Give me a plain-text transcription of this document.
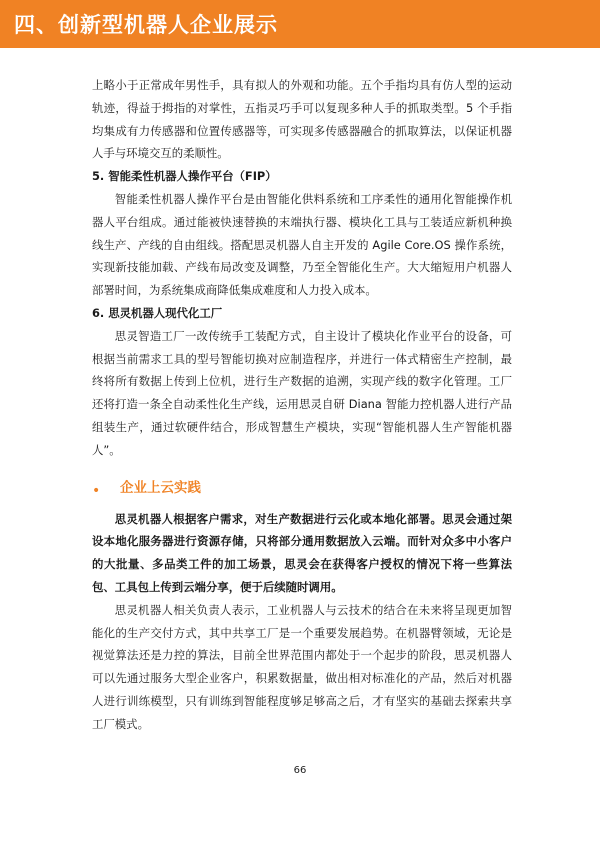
四、创新型机器人企业展示

上略小于正常成年男性手，具有拟人的外观和功能。五个手指均具有仿人型的运动轨迹，得益于拇指的对掌性，五指灵巧手可以复现多种人手的抓取类型。5 个手指均集成有力传感器和位置传感器等，可实现多传感器融合的抓取算法，以保证机器人手与环境交互的柔顺性。

5. 智能柔性机器人操作平台（FIP）

智能柔性机器人操作平台是由智能化供料系统和工序柔性的通用化智能操作机器人平台组成。通过能被快速替换的末端执行器、模块化工具与工装适应新机种换线生产、产线的自由组线。搭配思灵机器人自主开发的 Agile Core.OS 操作系统，实现新技能加载、产线布局改变及调整，乃至全智能化生产。大大缩短用户机器人部署时间，为系统集成商降低集成难度和人力投入成本。

6. 思灵机器人现代化工厂

思灵智造工厂一改传统手工装配方式，自主设计了模块化作业平台的设备，可根据当前需求工具的型号智能切换对应制造程序，并进行一体式精密生产控制，最终将所有数据上传到上位机，进行生产数据的追溯，实现产线的数字化管理。工厂还将打造一条全自动柔性化生产线，运用思灵自研 Diana 智能力控机器人进行产品组装生产，通过软硬件结合，形成智慧生产模块，实现“智能机器人生产智能机器人”。

• 企业上云实践

思灵机器人根据客户需求，对生产数据进行云化或本地化部署。思灵会通过架设本地化服务器进行资源存储，只将部分通用数据放入云端。而针对众多中小客户的大批量、多品类工件的加工场景，思灵会在获得客户授权的情况下将一些算法包、工具包上传到云端分享，便于后续随时调用。

思灵机器人相关负责人表示，工业机器人与云技术的结合在未来将呈现更加智能化的生产交付方式，其中共享工厂是一个重要发展趋势。在机器臂领域，无论是视觉算法还是力控的算法，目前全世界范围内都处于一个起步的阶段，思灵机器人可以先通过服务大型企业客户，积累数据量，做出相对标准化的产品，然后对机器人进行训练模型，只有训练到智能程度够足够高之后，才有坚实的基础去探索共享工厂模式。

66
